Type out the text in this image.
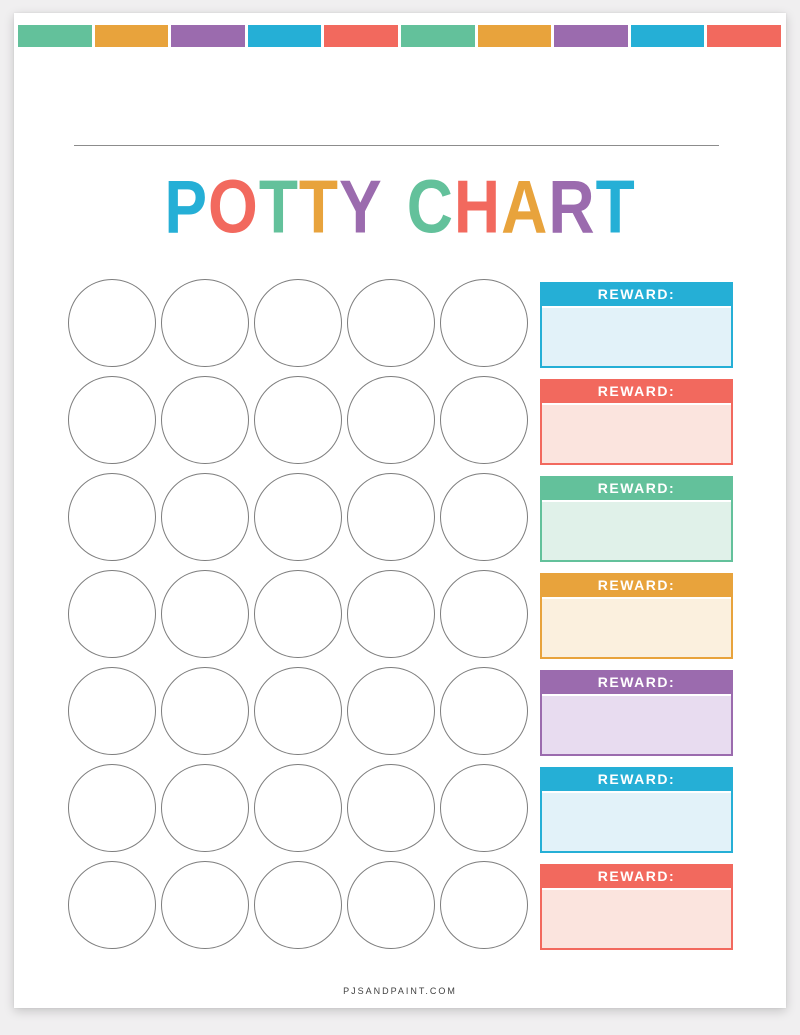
POTTY CHART
REWARD:
REWARD:
REWARD:
REWARD:
REWARD:
REWARD:
REWARD:
PJSANDPAINT.COM
